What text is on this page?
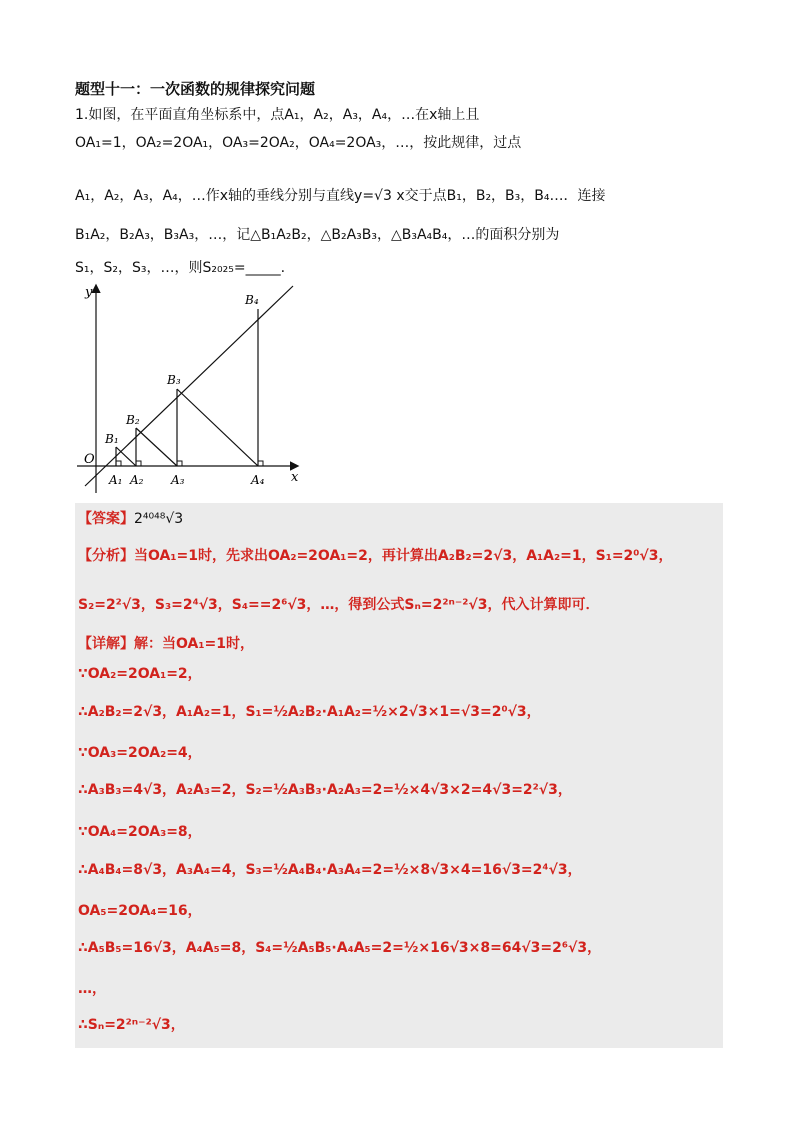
题型十一：一次函数的规律探究问题
1.如图，在平面直角坐标系中，点A₁，A₂，A₃，A₄，…在x轴上且
OA₁=1，OA₂=2OA₁，OA₃=2OA₂，OA₄=2OA₃，…，按此规律，过点
A₁，A₂，A₃，A₄，…作x轴的垂线分别与直线y=√3 x交于点B₁，B₂，B₃，B₄…．连接
B₁A₂，B₂A₃，B₃A₃，…，记△B₁A₂B₂，△B₂A₃B₃，△B₃A₄B₄，…的面积分别为
S₁，S₂，S₃，…，则S₂₀₂₅=_____.
O
y
x
A₁ A₂ A₃	A₄
B₁
B₂
B₃
B₄
【答案】2⁴⁰⁴⁸√3
【分析】当OA₁=1时，先求出OA₂=2OA₁=2，再计算出A₂B₂=2√3，A₁A₂=1，S₁=2⁰√3，
S₂=2²√3，S₃=2⁴√3，S₄==2⁶√3，…，得到公式Sₙ=2²ⁿ⁻²√3，代入计算即可．
【详解】解：当OA₁=1时，
∵OA₂=2OA₁=2，
∴A₂B₂=2√3，A₁A₂=1，S₁=½A₂B₂·A₁A₂=½×2√3×1=√3=2⁰√3，
∵OA₃=2OA₂=4，
∴A₃B₃=4√3，A₂A₃=2，S₂=½A₃B₃·A₂A₃=2=½×4√3×2=4√3=2²√3，
∵OA₄=2OA₃=8，
∴A₄B₄=8√3，A₃A₄=4，S₃=½A₄B₄·A₃A₄=2=½×8√3×4=16√3=2⁴√3，
OA₅=2OA₄=16，
∴A₅B₅=16√3，A₄A₅=8，S₄=½A₅B₅·A₄A₅=2=½×16√3×8=64√3=2⁶√3，
…，
∴Sₙ=2²ⁿ⁻²√3，
